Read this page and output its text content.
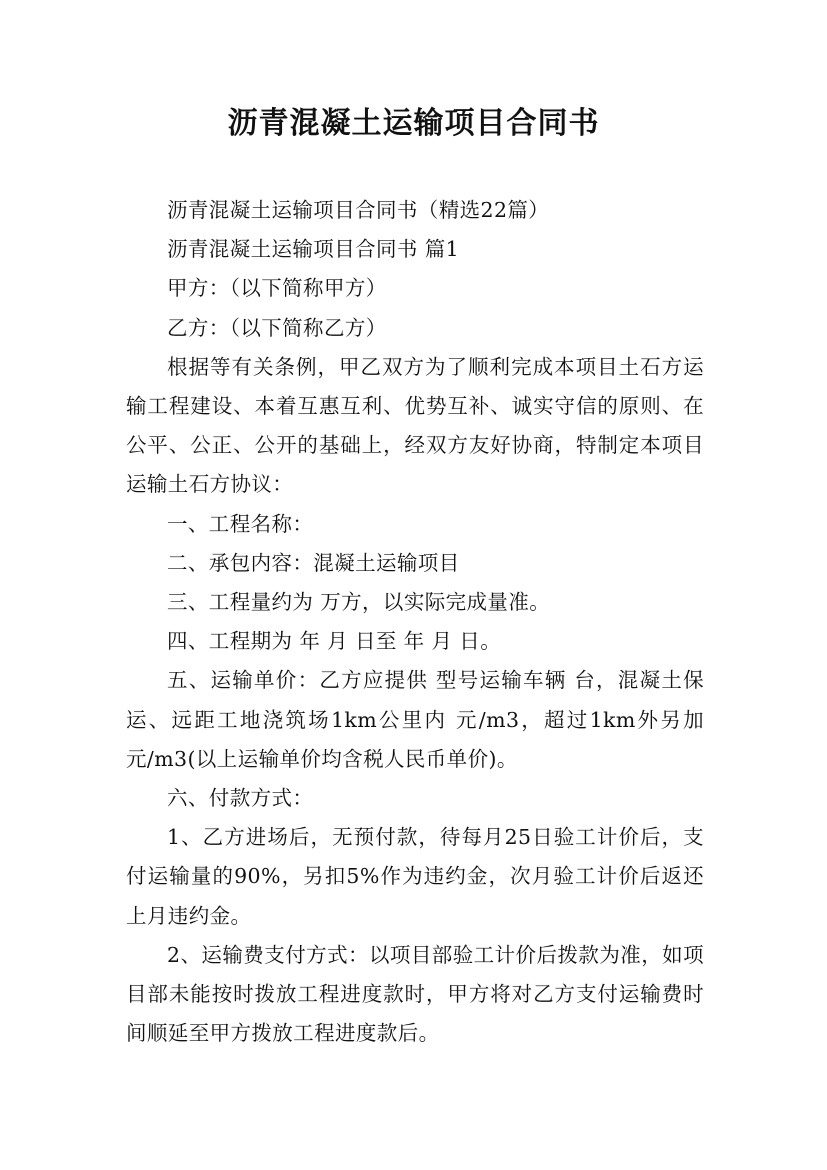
沥青混凝土运输项目合同书

沥青混凝土运输项目合同书（精选22篇）

沥青混凝土运输项目合同书 篇1

甲方：（以下简称甲方）

乙方：（以下简称乙方）

根据等有关条例，甲乙双方为了顺利完成本项目土石方运输工程建设、本着互惠互利、优势互补、诚实守信的原则、在公平、公正、公开的基础上，经双方友好协商，特制定本项目运输土石方协议：

一、工程名称：

二、承包内容：混凝土运输项目

三、工程量约为 万方，以实际完成量准。

四、工程期为 年 月 日至 年 月 日。

五、运输单价：乙方应提供 型号运输车辆 台，混凝土保运、远距工地浇筑场1km公里内 元/m3，超过1km外另加 元/m3(以上运输单价均含税人民币单价)。

六、付款方式：

1、乙方进场后，无预付款，待每月25日验工计价后，支付运输量的90%，另扣5%作为违约金，次月验工计价后返还上月违约金。

2、运输费支付方式：以项目部验工计价后拨款为准，如项目部未能按时拨放工程进度款时，甲方将对乙方支付运输费时间顺延至甲方拨放工程进度款后。
